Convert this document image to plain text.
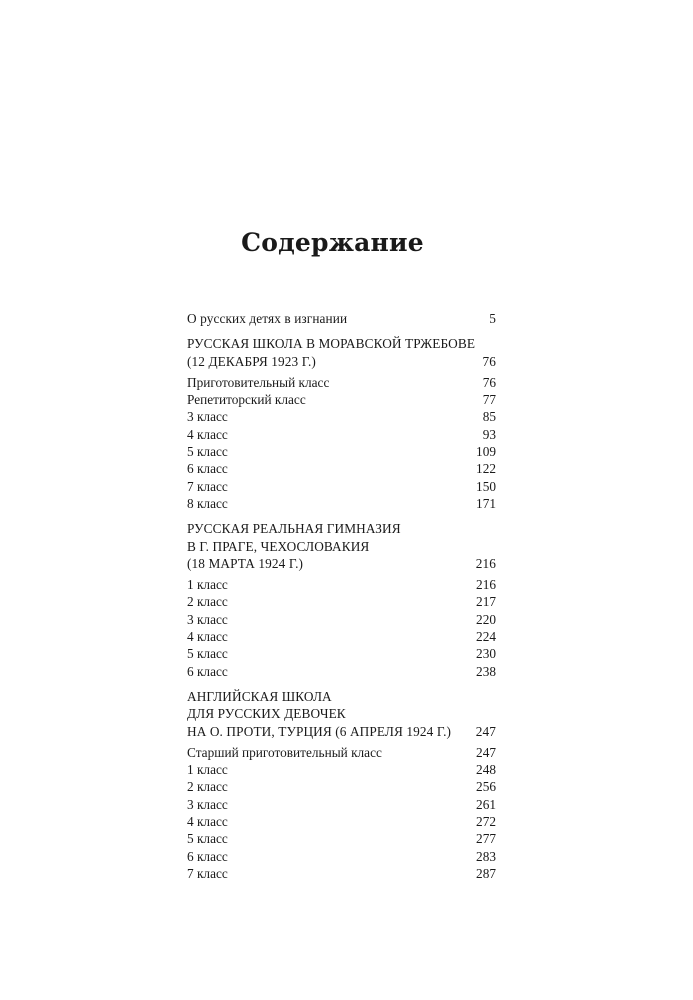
Содержание
О русских детях в изгнании	5
РУССКАЯ ШКОЛА В МОРАВСКОЙ ТРЖЕБОВЕ
(12 ДЕКАБРЯ 1923 Г.)	76
Приготовительный класс	76
Репетиторский класс	77
3 класс	85
4 класс	93
5 класс	109
6 класс	122
7 класс	150
8 класс	171
РУССКАЯ РЕАЛЬНАЯ ГИМНАЗИЯ
В Г. ПРАГЕ, ЧЕХОСЛОВАКИЯ
(18 МАРТА 1924 Г.)	216
1 класс	216
2 класс	217
3 класс	220
4 класс	224
5 класс	230
6 класс	238
АНГЛИЙСКАЯ ШКОЛА
ДЛЯ РУССКИХ ДЕВОЧЕК
НА О. ПРОТИ, ТУРЦИЯ (6 АПРЕЛЯ 1924 Г.)	247
Старший приготовительный класс	247
1 класс	248
2 класс	256
3 класс	261
4 класс	272
5 класс	277
6 класс	283
7 класс	287
